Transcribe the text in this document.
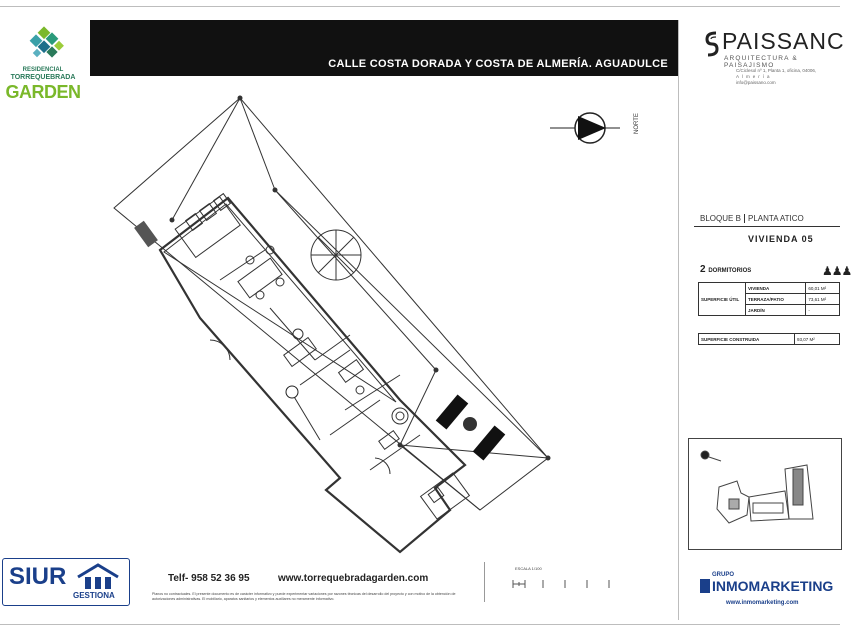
RESIDENCIAL
TORREQUEBRADA
GARDEN
CALLE COSTA DORADA Y COSTA DE ALMERÍA. AGUADULCE
NORTE
PAISSANC
ARQUITECTURA & PAISAJISMO
C/Ciclesol nº 1, Planta 1, oficina, 04006,
Almería
info@paissano.com
BLOQUE B PLANTA ATICO
VIVIENDA 05
2 DORMITORIOS	♟♟♟
SUPERFICIE ÚTIL	VIVIENDA	60,01 M²
	TERRAZA/PATIO	73,61 M²
	JARDÍN	-
SUPERFICIE CONSTRUIDA	93,07 M²
SIUR
GESTIONA
Telf- 958 52 36 95	www.torrequebradagarden.com
Planos no contractuales. El presente documento es de carácter informativo y puede experimentar variaciones por razones técnicas del desarrollo del proyecto y con motivo de la obtención de autorizaciones administrativas. El mobiliario, aparatos sanitarios y elementos auxiliares no meramente informativo.
ESCALA 1/100
GRUPO
INMOMARKETING
www.inmomarketing.com
